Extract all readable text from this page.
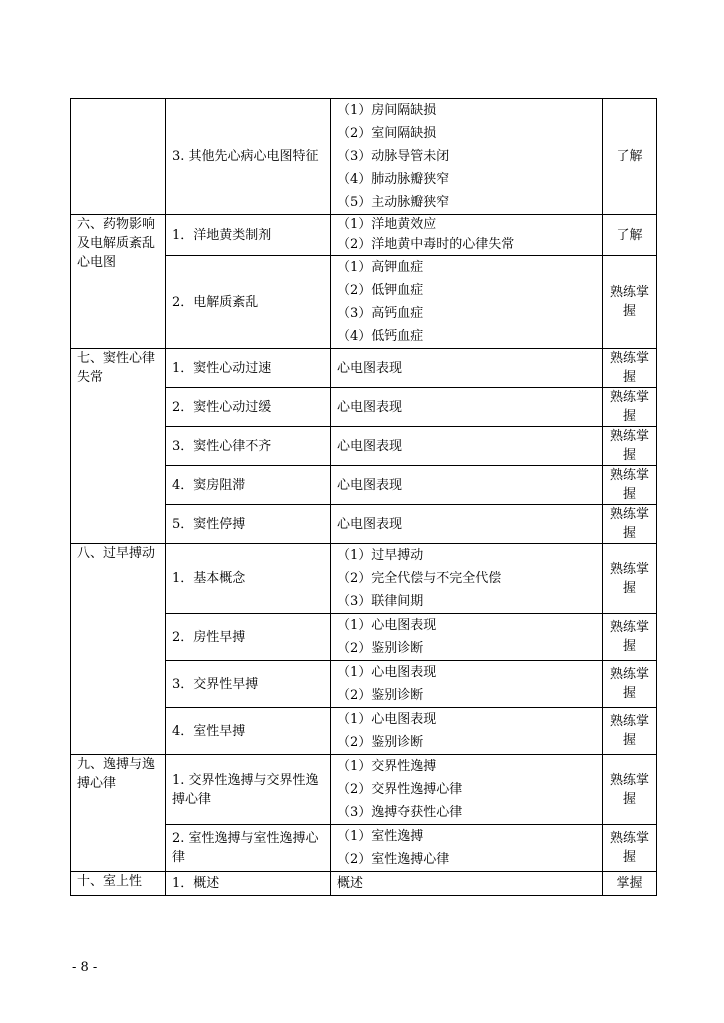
	3. 其他先心病心电图特征	（1）房间隔缺损
（2）室间隔缺损
（3）动脉导管未闭
（4）肺动脉瓣狭窄
（5）主动脉瓣狭窄	了解
六、药物影响及电解质紊乱心电图	1．洋地黄类制剂	（1）洋地黄效应
（2）洋地黄中毒时的心律失常	了解
	2．电解质紊乱	（1）高钾血症
（2）低钾血症
（3）高钙血症
（4）低钙血症	熟练掌握
七、窦性心律失常	1．窦性心动过速	心电图表现	熟练掌握
	2．窦性心动过缓	心电图表现	熟练掌握
	3．窦性心律不齐	心电图表现	熟练掌握
	4．窦房阻滞	心电图表现	熟练掌握
	5．窦性停搏	心电图表现	熟练掌握
八、过早搏动	1．基本概念	（1）过早搏动
（2）完全代偿与不完全代偿
（3）联律间期	熟练掌握
	2．房性早搏	（1）心电图表现
（2）鉴别诊断	熟练掌握
	3．交界性早搏	（1）心电图表现
（2）鉴别诊断	熟练掌握
	4．室性早搏	（1）心电图表现
（2）鉴别诊断	熟练掌握
九、逸搏与逸搏心律	1. 交界性逸搏与交界性逸搏心律	（1）交界性逸搏
（2）交界性逸搏心律
（3）逸搏夺获性心律	熟练掌握
	2. 室性逸搏与室性逸搏心律	（1）室性逸搏
（2）室性逸搏心律	熟练掌握
十、室上性	1．概述	概述	掌握
- 8 -
